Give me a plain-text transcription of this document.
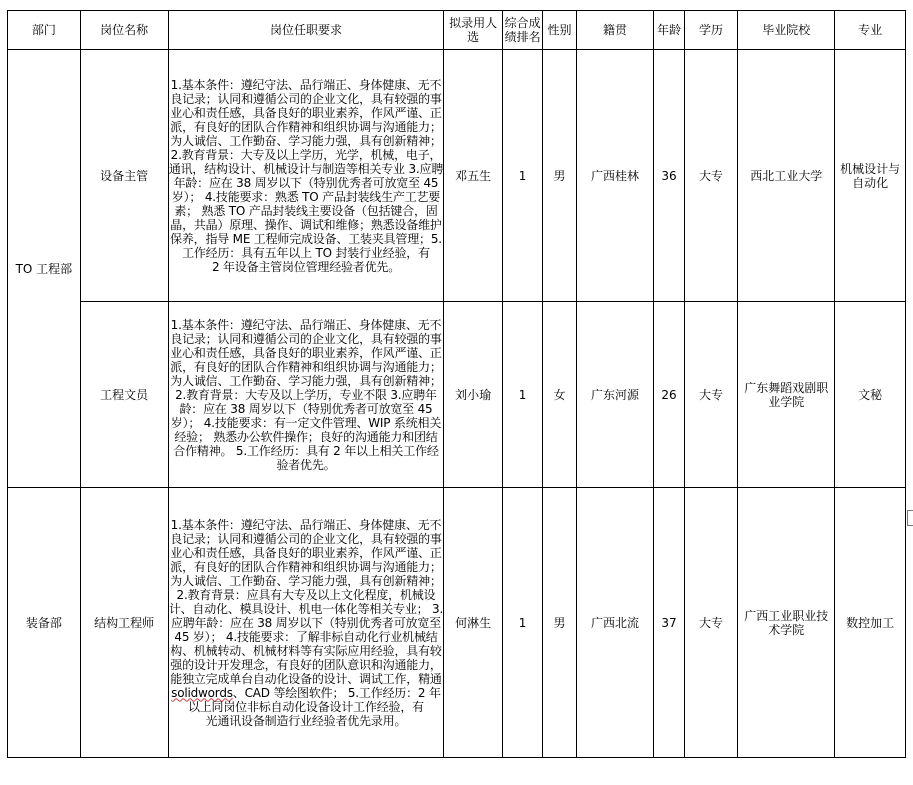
部门	岗位名称	岗位任职要求	拟录用人选	综合成绩排名	性别	籍贯	年龄	学历	毕业院校	专业
TO 工程部	设备主管	1.基本条件：遵纪守法、品行端正、身体健康、无不良记录；认同和遵循公司的企业文化，具有较强的事业心和责任感，具备良好的职业素养，作风严谨、正派，有良好的团队合作精神和组织协调与沟通能力；为人诚信、工作勤奋、学习能力强，具有创新精神； 2.教育背景：大专及以上学历，光学，机械，电子，通讯，结构设计、机械设计与制造等相关专业 3.应聘年龄：应在 38 周岁以下（特别优秀者可放宽至 45 岁）； 4.技能要求：熟悉 TO 产品封装线生产工艺要素； 熟悉 TO 产品封装线主要设备（包括键合，固晶，共晶）原理、操作、调试和维修；熟悉设备维护保养，指导 ME 工程师完成设备、工装夹具管理；5.工作经历：具有五年以上 TO 封装行业经验，有
2 年设备主管岗位管理经验者优先。	邓五生	1	男	广西桂林	36	大专	西北工业大学	机械设计与自动化
	工程文员	1.基本条件：遵纪守法、品行端正、身体健康、无不良记录；认同和遵循公司的企业文化，具有较强的事业心和责任感，具备良好的职业素养，作风严谨、正派，有良好的团队合作精神和组织协调与沟通能力；为人诚信、工作勤奋、学习能力强，具有创新精神； 2.教育背景：大专及以上学历，专业不限 3.应聘年龄：应在 38 周岁以下（特别优秀者可放宽至 45 岁）； 4.技能要求：有一定文件管理、WIP 系统相关经验； 熟悉办公软件操作；良好的沟通能力和团结合作精神。 5.工作经历：具有 2 年以上相关工作经验者优先。	刘小瑜	1	女	广东河源	26	大专	广东舞蹈戏剧职业学院	文秘
装备部	结构工程师	1.基本条件：遵纪守法、品行端正、身体健康、无不良记录；认同和遵循公司的企业文化，具有较强的事业心和责任感，具备良好的职业素养，作风严谨、正派，有良好的团队合作精神和组织协调与沟通能力；为人诚信、工作勤奋、学习能力强，具有创新精神； 2.教育背景：应具有大专及以上文化程度，机械设计、自动化、模具设计、机电一体化等相关专业； 3.应聘年龄：应在 38 周岁以下（特别优秀者可放宽至 45 岁）； 4.技能要求：了解非标自动化行业机械结构、机械转动、机械材料等有实际应用经验，具有较强的设计开发理念，有良好的团队意识和沟通能力，能独立完成单台自动化设备的设计、调试工作，精通 solidwords、CAD 等绘图软件； 5.工作经历：2 年以上同岗位非标自动化设备设计工作经验，有
光通讯设备制造行业经验者优先录用。	何淋生	1	男	广西北流	37	大专	广西工业职业技术学院	数控加工
